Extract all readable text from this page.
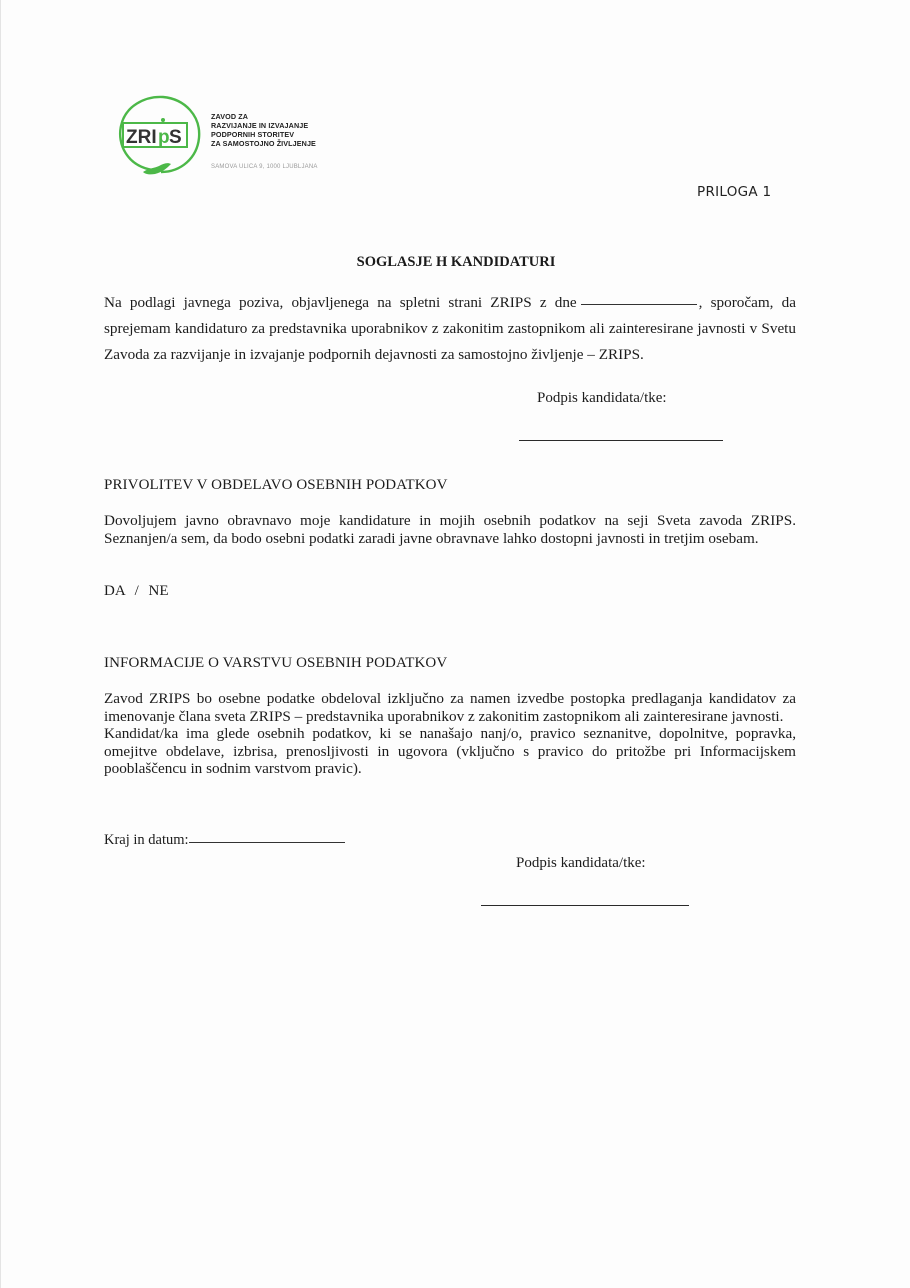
ZRI p S
ZAVOD ZA
RAZVIJANJE IN IZVAJANJE
PODPORNIH STORITEV
ZA SAMOSTOJNO ŽIVLJENJE
SAMOVA ULICA 9, 1000 LJUBLJANA
PRILOGA 1
SOGLASJE H KANDIDATURI
Na podlagi javnega poziva, objavljenega na spletni strani ZRIPS z dne	, sporočam, da sprejemam kandidaturo za predstavnika uporabnikov z zakonitim zastopnikom ali zainteresirane javnosti v Svetu Zavoda za razvijanje in izvajanje podpornih dejavnosti za samostojno življenje – ZRIPS.
Podpis kandidata/tke:
PRIVOLITEV V OBDELAVO OSEBNIH PODATKOV
Dovoljujem javno obravnavo moje kandidature in mojih osebnih podatkov na seji Sveta zavoda ZRIPS. Seznanjen/a sem, da bodo osebni podatki zaradi javne obravnave lahko dostopni javnosti in tretjim osebam.
DA / NE
INFORMACIJE O VARSTVU OSEBNIH PODATKOV
Zavod ZRIPS bo osebne podatke obdeloval izključno za namen izvedbe postopka predlaganja kandidatov za imenovanje člana sveta ZRIPS – predstavnika uporabnikov z zakonitim zastopnikom ali zainteresirane javnosti.
Kandidat/ka ima glede osebnih podatkov, ki se nanašajo nanj/o, pravico seznanitve, dopolnitve, popravka, omejitve obdelave, izbrisa, prenosljivosti in ugovora (vključno s pravico do pritožbe pri Informacijskem pooblaščencu in sodnim varstvom pravic).
Kraj in datum:
Podpis kandidata/tke:
